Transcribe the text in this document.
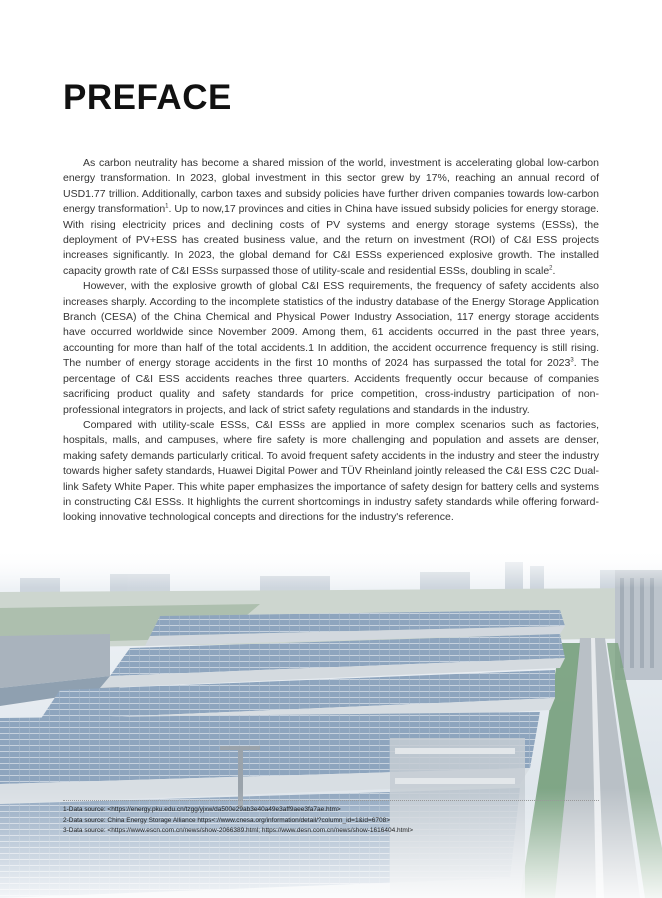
PREFACE

As carbon neutrality has become a shared mission of the world, investment is accelerating global low-carbon energy transformation. In 2023, global investment in this sector grew by 17%, reaching an annual record of USD1.77 trillion. Additionally, carbon taxes and subsidy policies have further driven companies towards low-carbon energy transformation$^1$. Up to now,17 provinces and cities in China have issued subsidy policies for energy storage. With rising electricity prices and declining costs of PV systems and energy storage systems (ESSs), the deployment of PV+ESS has created business value, and the return on investment (ROI) of C&I ESS projects increases significantly. In 2023, the global demand for C&I ESSs experienced explosive growth. The installed capacity growth rate of C&I ESSs surpassed those of utility-scale and residential ESSs, doubling in scale$^2$.

However, with the explosive growth of global C&I ESS requirements, the frequency of safety accidents also increases sharply. According to the incomplete statistics of the industry database of the Energy Storage Application Branch (CESA) of the China Chemical and Physical Power Industry Association, 117 energy storage accidents have occurred worldwide since November 2009. Among them, 61 accidents occurred in the past three years, accounting for more than half of the total accidents.1 In addition, the accident occurrence frequency is still rising. The number of energy storage accidents in the first 10 months of 2024 has surpassed the total for 2023$^3$. The percentage of C&I ESS accidents reaches three quarters. Accidents frequently occur because of companies sacrificing product quality and safety standards for price competition, cross-industry participation of non-professional integrators in projects, and lack of strict safety regulations and standards in the industry.

Compared with utility-scale ESSs, C&I ESSs are applied in more complex scenarios such as factories, hospitals, malls, and campuses, where fire safety is more challenging and population and assets are denser, making safety demands particularly critical. To avoid frequent safety accidents in the industry and steer the industry towards higher safety standards, Huawei Digital Power and TÜV Rheinland jointly released the C&I ESS C2C Dual-link Safety White Paper. This white paper emphasizes the importance of safety design for battery cells and systems in constructing C&I ESSs. It highlights the current shortcomings in industry safety standards while offering forward-looking innovative technological concepts and directions for the industry's reference.

1-Data source: <https://energy.pku.edu.cn/tzgg/yjxw/da500e29ab3e40a49e3aff9aee3fa7ae.htm>
2-Data source: China Energy Storage Alliance https<://www.cnesa.org/information/detail/?column_id=1&id=6708>
3-Data source: <https://www.escn.com.cn/news/show-2066389.html; https://www.desn.com.cn/news/show-1616404.html>
